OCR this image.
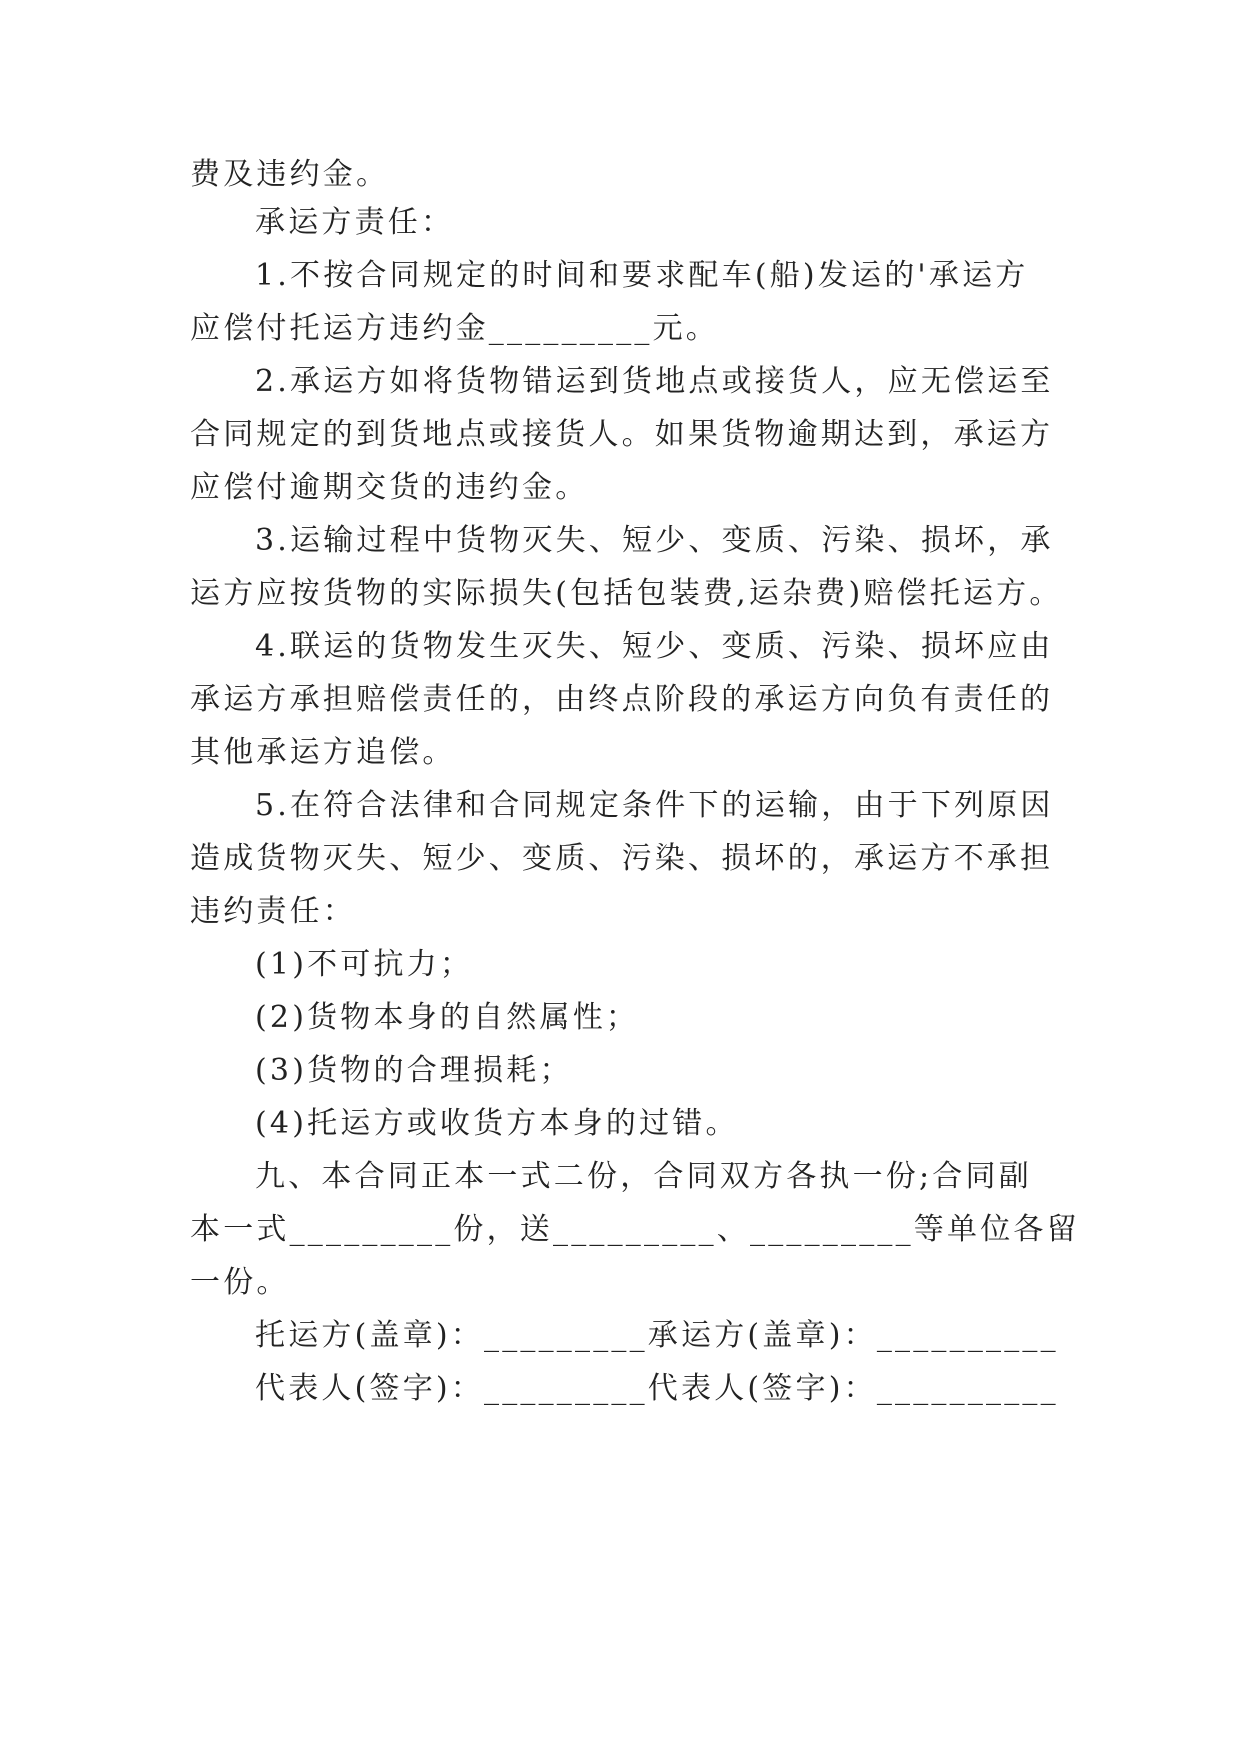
费及违约金。
承运方责任：
1.不按合同规定的时间和要求配车(船)发运的'承运方
应偿付托运方违约金_________元。
2.承运方如将货物错运到货地点或接货人，应无偿运至
合同规定的到货地点或接货人。如果货物逾期达到，承运方
应偿付逾期交货的违约金。
3.运输过程中货物灭失、短少、变质、污染、损坏，承
运方应按货物的实际损失(包括包装费,运杂费)赔偿托运方。
4.联运的货物发生灭失、短少、变质、污染、损坏应由
承运方承担赔偿责任的，由终点阶段的承运方向负有责任的
其他承运方追偿。
5.在符合法律和合同规定条件下的运输，由于下列原因
造成货物灭失、短少、变质、污染、损坏的，承运方不承担
违约责任：
(1)不可抗力；
(2)货物本身的自然属性；
(3)货物的合理损耗；
(4)托运方或收货方本身的过错。
九、本合同正本一式二份，合同双方各执一份;合同副
本一式_________份，送_________、_________等单位各留
一份。
托运方(盖章)：_________承运方(盖章)：__________
代表人(签字)：_________代表人(签字)：__________
